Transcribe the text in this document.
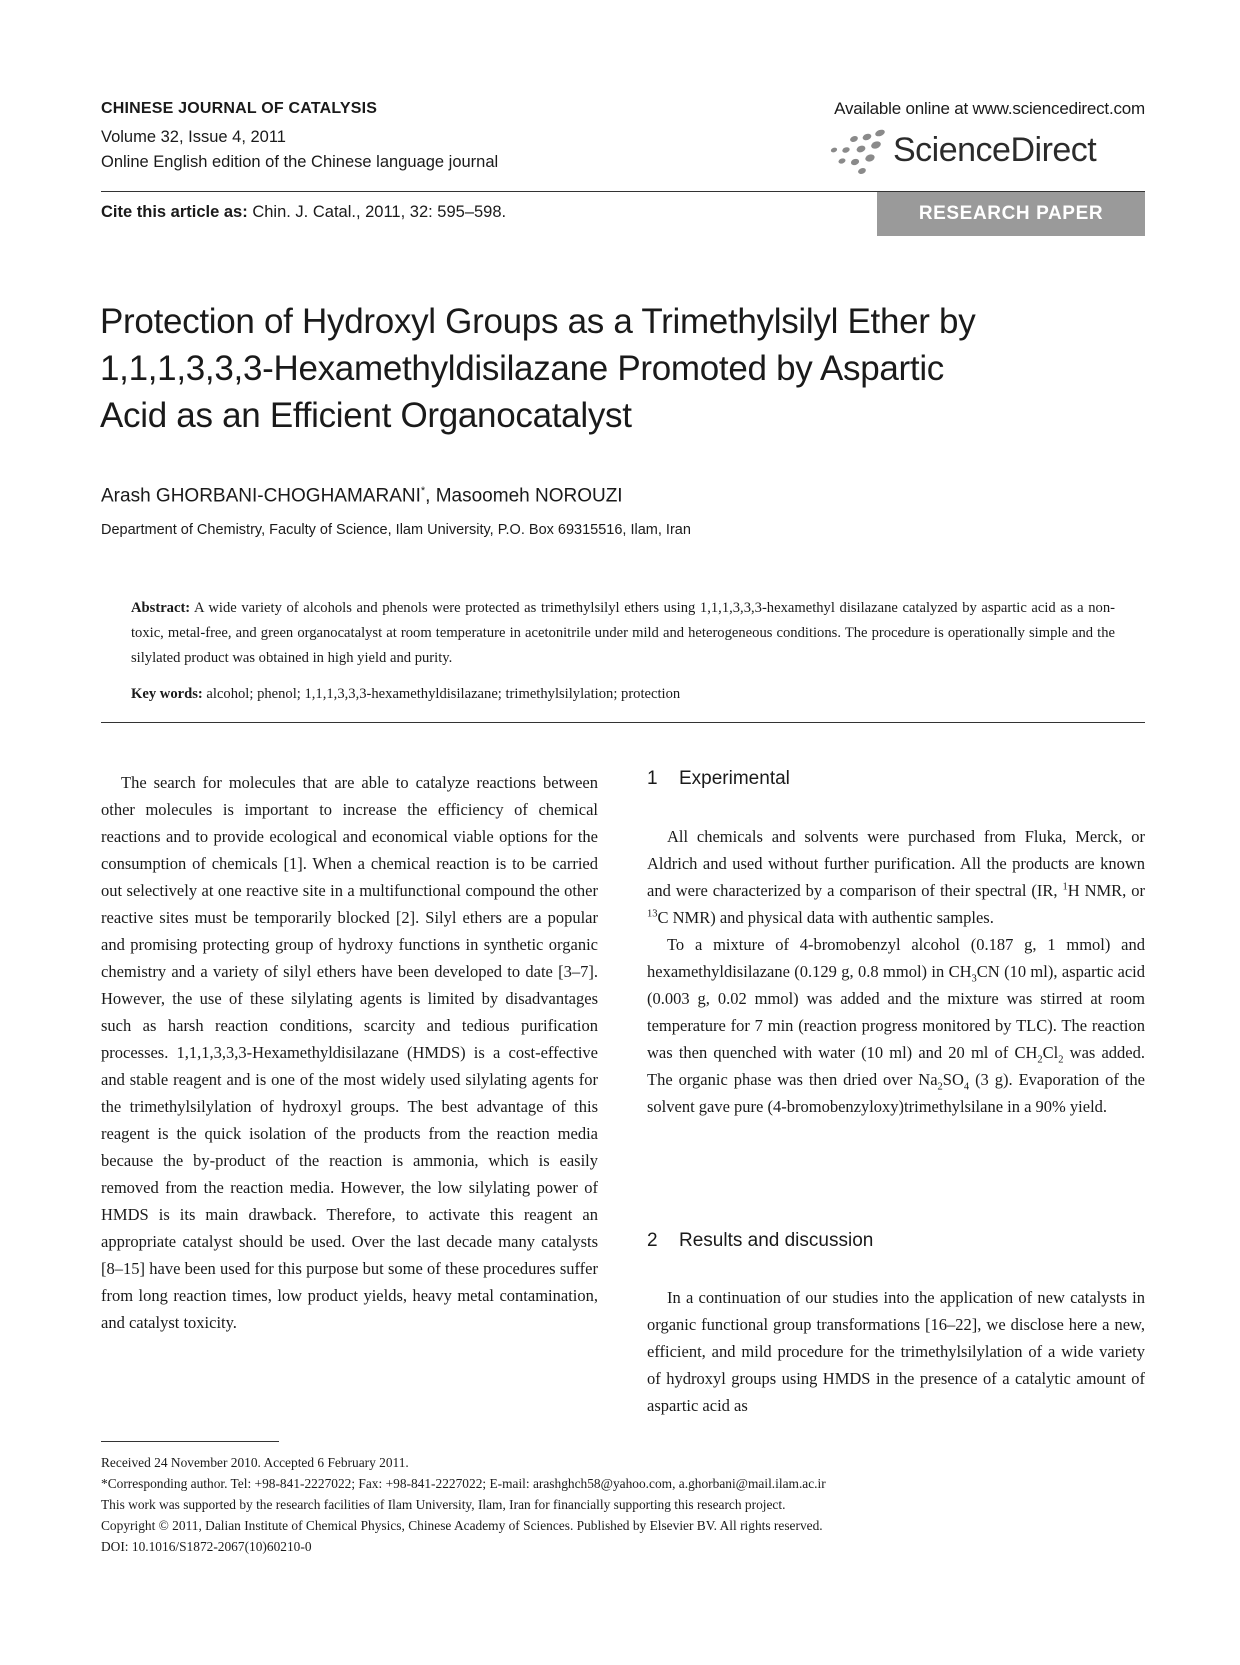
CHINESE JOURNAL OF CATALYSIS
Volume 32, Issue 4, 2011
Online English edition of the Chinese language journal
Available online at www.sciencedirect.com
ScienceDirect
Cite this article as: Chin. J. Catal., 2011, 32: 595–598.	RESEARCH PAPER
Protection of Hydroxyl Groups as a Trimethylsilyl Ether by
1,1,1,3,3,3-Hexamethyldisilazane Promoted by Aspartic
Acid as an Efficient Organocatalyst
Arash GHORBANI-CHOGHAMARANI*, Masoomeh NOROUZI
Department of Chemistry, Faculty of Science, Ilam University, P.O. Box 69315516, Ilam, Iran
Abstract: A wide variety of alcohols and phenols were protected as trimethylsilyl ethers using 1,1,1,3,3,3-hexamethyl disilazane catalyzed by aspartic acid as a non-toxic, metal-free, and green organocatalyst at room temperature in acetonitrile under mild and heterogeneous conditions. The procedure is operationally simple and the silylated product was obtained in high yield and purity.
Key words: alcohol; phenol; 1,1,1,3,3,3-hexamethyldisilazane; trimethylsilylation; protection

The search for molecules that are able to catalyze reactions between other molecules is important to increase the efficiency of chemical reactions and to provide ecological and economical viable options for the consumption of chemicals [1]. When a chemical reaction is to be carried out selectively at one reactive site in a multifunctional compound the other reactive sites must be temporarily blocked [2]. Silyl ethers are a popular and promising protecting group of hydroxy functions in synthetic organic chemistry and a variety of silyl ethers have been developed to date [3–7]. However, the use of these silylating agents is limited by disadvantages such as harsh reaction conditions, scarcity and tedious purification processes. 1,1,1,3,3,3-Hexamethyldisilazane (HMDS) is a cost-effective and stable reagent and is one of the most widely used silylating agents for the trimethylsilylation of hydroxyl groups. The best advantage of this reagent is the quick isolation of the products from the reaction media because the by-product of the reaction is ammonia, which is easily removed from the reaction media. However, the low silylating power of HMDS is its main drawback. Therefore, to activate this reagent an appropriate catalyst should be used. Over the last decade many catalysts [8–15] have been used for this purpose but some of these procedures suffer from long reaction times, low product yields, heavy metal contamination, and catalyst toxicity.

1 Experimental

All chemicals and solvents were purchased from Fluka, Merck, or Aldrich and used without further purification. All the products are known and were characterized by a comparison of their spectral (IR, $^1$H NMR, or $^{13}$C NMR) and physical data with authentic samples.

To a mixture of 4-bromobenzyl alcohol (0.187 g, 1 mmol) and hexamethyldisilazane (0.129 g, 0.8 mmol) in $CH_3CN$ (10 ml), aspartic acid (0.003 g, 0.02 mmol) was added and the mixture was stirred at room temperature for 7 min (reaction progress monitored by TLC). The reaction was then quenched with water (10 ml) and 20 ml of $CH_2Cl_2$ was added. The organic phase was then dried over $Na_2SO_4$ (3 g). Evaporation of the solvent gave pure (4-bromobenzyloxy)trimethylsilane in a 90% yield.

2 Results and discussion

In a continuation of our studies into the application of new catalysts in organic functional group transformations [16–22], we disclose here a new, efficient, and mild procedure for the trimethylsilylation of a wide variety of hydroxyl groups using HMDS in the presence of a catalytic amount of aspartic acid as

Received 24 November 2010. Accepted 6 February 2011.
*Corresponding author. Tel: +98-841-2227022; Fax: +98-841-2227022; E-mail: arashghch58@yahoo.com, a.ghorbani@mail.ilam.ac.ir
This work was supported by the research facilities of Ilam University, Ilam, Iran for financially supporting this research project.
Copyright © 2011, Dalian Institute of Chemical Physics, Chinese Academy of Sciences. Published by Elsevier BV. All rights reserved.
DOI: 10.1016/S1872-2067(10)60210-0
